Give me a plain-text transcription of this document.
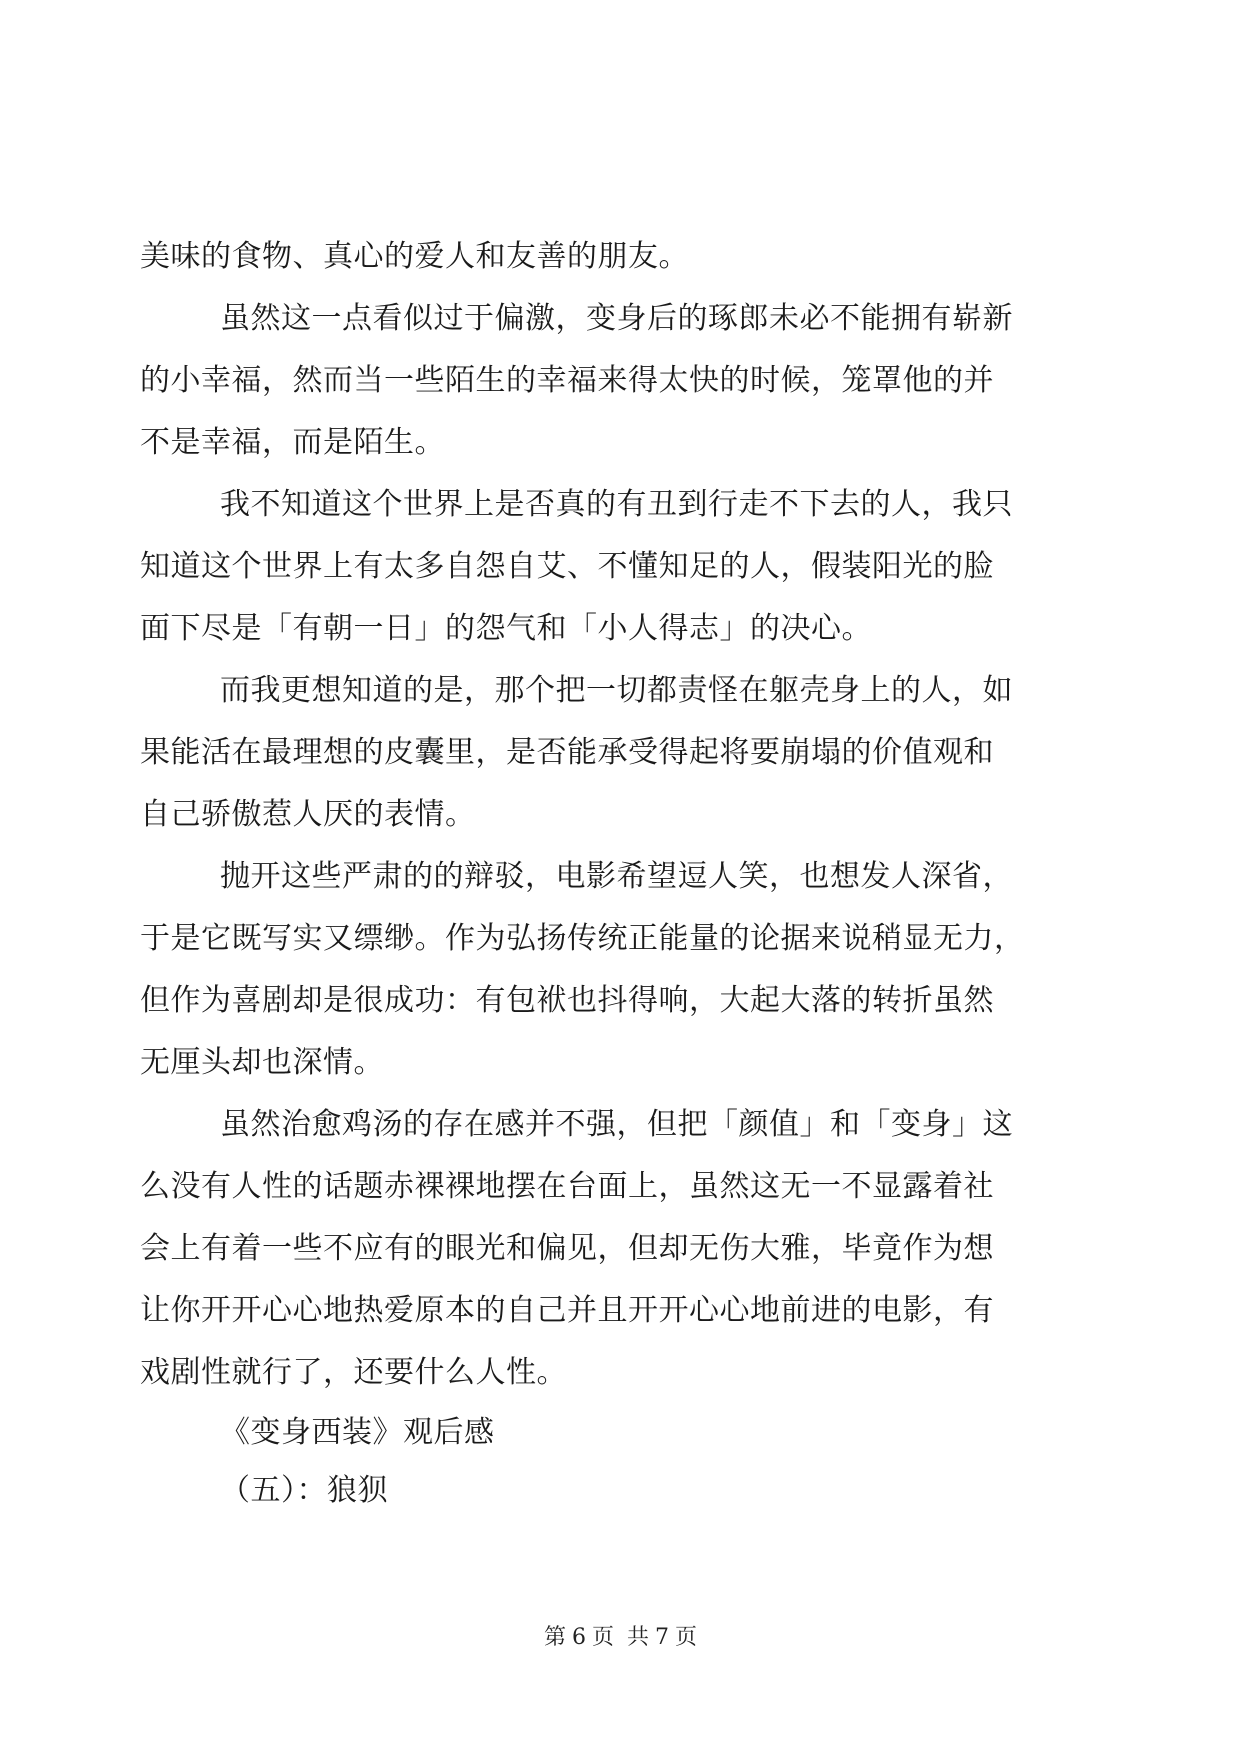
美味的食物、真心的爱人和友善的朋友。
虽然这一点看似过于偏激，变身后的琢郎未必不能拥有崭新
的小幸福，然而当一些陌生的幸福来得太快的时候，笼罩他的并
不是幸福，而是陌生。
我不知道这个世界上是否真的有丑到行走不下去的人，我只
知道这个世界上有太多自怨自艾、不懂知足的人，假装阳光的脸
面下尽是「有朝一日」的怨气和「小人得志」的决心。
而我更想知道的是，那个把一切都责怪在躯壳身上的人，如
果能活在最理想的皮囊里，是否能承受得起将要崩塌的价值观和
自己骄傲惹人厌的表情。
抛开这些严肃的的辩驳，电影希望逗人笑，也想发人深省，
于是它既写实又缥缈。作为弘扬传统正能量的论据来说稍显无力，
但作为喜剧却是很成功：有包袱也抖得响，大起大落的转折虽然
无厘头却也深情。
虽然治愈鸡汤的存在感并不强，但把「颜值」和「变身」这
么没有人性的话题赤裸裸地摆在台面上，虽然这无一不显露着社
会上有着一些不应有的眼光和偏见，但却无伤大雅，毕竟作为想
让你开开心心地热爱原本的自己并且开开心心地前进的电影，有
戏剧性就行了，还要什么人性。
《变身西装》观后感
（五）：狼狈
第 6 页 共 7 页
